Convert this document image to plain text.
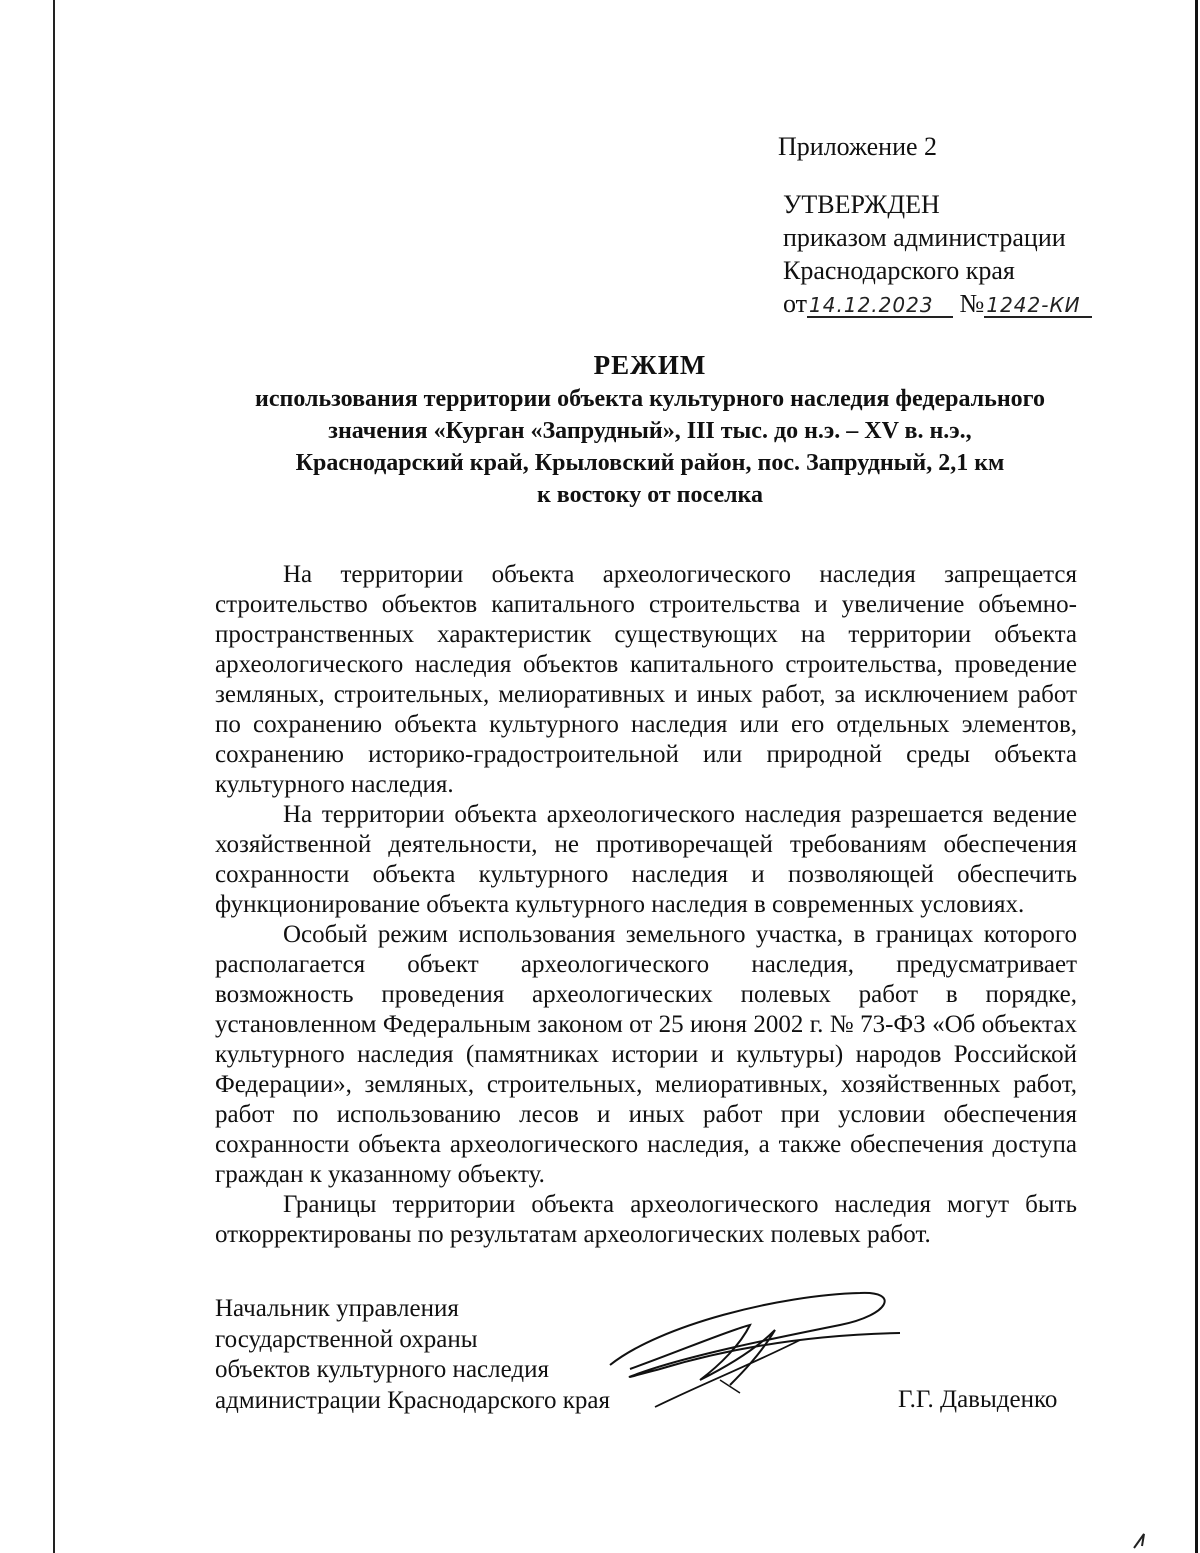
Приложение 2
УТВЕРЖДЕН
приказом администрации
Краснодарского края
от 14.12.2023 № 1242-КИ
РЕЖИМ
использования территории объекта культурного наследия федерального
значения «Курган «Запрудный», III тыс. до н.э. – XV в. н.э.,
Краснодарский край, Крыловский район, пос. Запрудный, 2,1 км
к востоку от поселка

На территории объекта археологического наследия запрещается строительство объектов капитального строительства и увеличение объемно-пространственных характеристик существующих на территории объекта археологического наследия объектов капитального строительства, проведение земляных, строительных, мелиоративных и иных работ, за исключением работ по сохранению объекта культурного наследия или его отдельных элементов, сохранению историко-градостроительной или природной среды объекта культурного наследия.

На территории объекта археологического наследия разрешается ведение хозяйственной деятельности, не противоречащей требованиям обеспечения сохранности объекта культурного наследия и позволяющей обеспечить функционирование объекта культурного наследия в современных условиях.

Особый режим использования земельного участка, в границах которого располагается объект археологического наследия, предусматривает возможность проведения археологических полевых работ в порядке, установленном Федеральным законом от 25 июня 2002 г. № 73-ФЗ «Об объектах культурного наследия (памятниках истории и культуры) народов Российской Федерации», земляных, строительных, мелиоративных, хозяйственных работ, работ по использованию лесов и иных работ при условии обеспечения сохранности объекта археологического наследия, а также обеспечения доступа граждан к указанному объекту.

Границы территории объекта археологического наследия могут быть откорректированы по результатам археологических полевых работ.

Начальник управления
государственной охраны
объектов культурного наследия
администрации Краснодарского края	Г.Г. Давыденко
